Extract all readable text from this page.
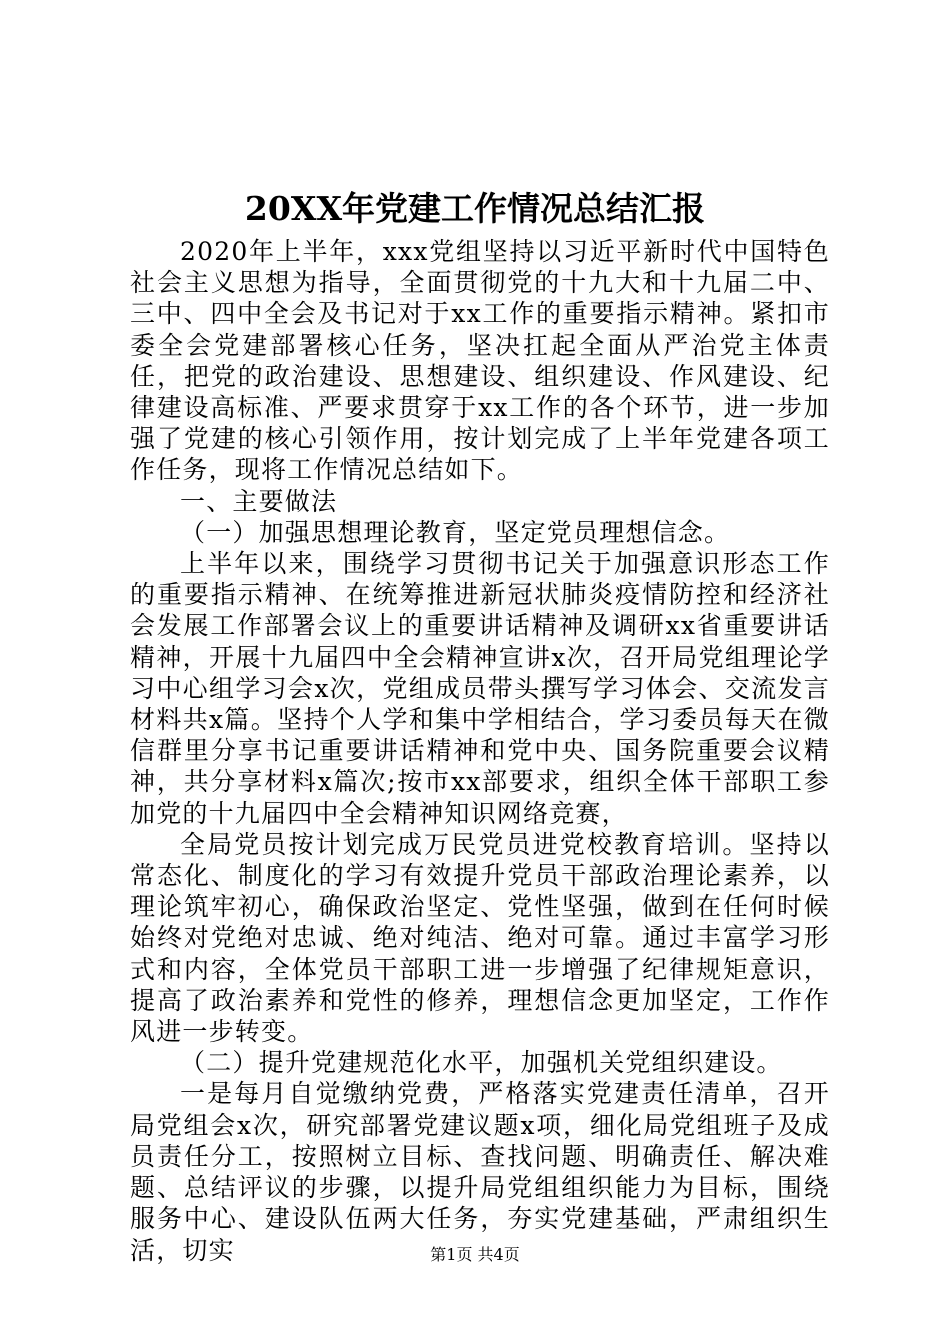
20XX年党建工作情况总结汇报

2020年上半年，xxx党组坚持以习近平新时代中国特色社会主义思想为指导，全面贯彻党的十九大和十九届二中、三中、四中全会及书记对于xx工作的重要指示精神。紧扣市委全会党建部署核心任务，坚决扛起全面从严治党主体责任，把党的政治建设、思想建设、组织建设、作风建设、纪律建设高标准、严要求贯穿于xx工作的各个环节，进一步加强了党建的核心引领作用，按计划完成了上半年党建各项工作任务，现将工作情况总结如下。

一、主要做法

（一）加强思想理论教育，坚定党员理想信念。

上半年以来，围绕学习贯彻书记关于加强意识形态工作的重要指示精神、在统筹推进新冠状肺炎疫情防控和经济社会发展工作部署会议上的重要讲话精神及调研xx省重要讲话精神，开展十九届四中全会精神宣讲x次，召开局党组理论学习中心组学习会x次，党组成员带头撰写学习体会、交流发言材料共x篇。坚持个人学和集中学相结合，学习委员每天在微信群里分享书记重要讲话精神和党中央、国务院重要会议精神，共分享材料x篇次;按市xx部要求，组织全体干部职工参加党的十九届四中全会精神知识网络竞赛，

全局党员按计划完成万民党员进党校教育培训。坚持以常态化、制度化的学习有效提升党员干部政治理论素养，以理论筑牢初心，确保政治坚定、党性坚强，做到在任何时候始终对党绝对忠诚、绝对纯洁、绝对可靠。通过丰富学习形式和内容，全体党员干部职工进一步增强了纪律规矩意识，提高了政治素养和党性的修养，理想信念更加坚定，工作作风进一步转变。

（二）提升党建规范化水平，加强机关党组织建设。

一是每月自觉缴纳党费，严格落实党建责任清单，召开局党组会x次，研究部署党建议题x项，细化局党组班子及成员责任分工，按照树立目标、查找问题、明确责任、解决难题、总结评议的步骤，以提升局党组组织能力为目标，围绕服务中心、建设队伍两大任务，夯实党建基础，严肃组织生活，切实	第1页 共4页
